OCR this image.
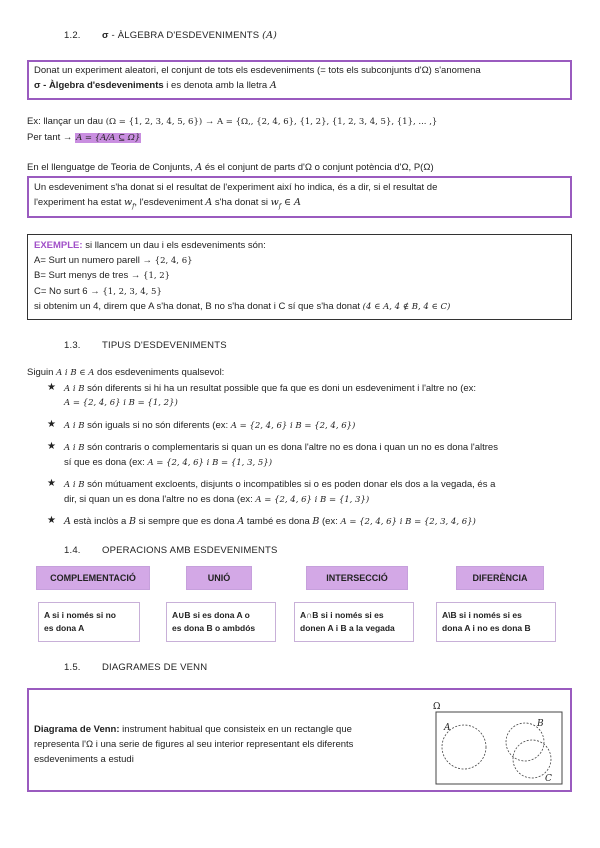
1.2. σ - ÀLGEBRA D'ESDEVENIMENTS (A)
Donat un experiment aleatori, el conjunt de tots els esdeveniments (= tots els subconjunts d'Ω) s'anomena
σ - Àlgebra d'esdeveniments i es denota amb la lletra A
Ex: llançar un dau (Ω = {1, 2, 3, 4, 5, 6}) → A = {Ω,, {2, 4, 6}, {1, 2}, {1, 2, 3, 4, 5}, {1}, ... ,}
Per tant → A = {A/A ⊆ Ω}
En el llenguatge de Teoria de Conjunts, A és el conjunt de parts d'Ω o conjunt potència d'Ω, P(Ω)
Un esdeveniment s'ha donat si el resultat de l'experiment així ho indica, és a dir, si el resultat de
l'experiment ha estat $w_f$, l'esdeveniment A s'ha donat si $w_f$ ∈ A
EXEMPLE: si llancem un dau i els esdeveniments són:
A= Surt un numero parell → {2, 4, 6}
B= Surt menys de tres → {1, 2}
C= No surt 6 → {1, 2, 3, 4, 5}
si obtenim un 4, direm que A s'ha donat, B no s'ha donat i C sí que s'ha donat (4 ∈ A, 4 ∉ B, 4 ∈ C)
1.3. TIPUS D'ESDEVENIMENTS
Siguin A i B ∈ A dos esdeveniments qualsevol:
★ A i B són diferents si hi ha un resultat possible que fa que es doni un esdeveniment i l'altre no (ex:
A = {2, 4, 6} i B = {1, 2})
★ A i B són iguals si no són diferents (ex: A = {2, 4, 6} i B = {2, 4, 6})
★ A i B són contraris o complementaris si quan un es dona l'altre no es dona i quan un no es dona l'altres
sí que es dona (ex: A = {2, 4, 6} i B = {1, 3, 5})
★ A i B són mútuament excloents, disjunts o incompatibles si o es poden donar els dos a la vegada, és a
dir, si quan un es dona l'altre no es dona (ex: A = {2, 4, 6} i B = {1, 3})
★ A està inclòs a B si sempre que es dona A també es dona B (ex: A = {2, 4, 6} i B = {2, 3, 4, 6})
1.4. OPERACIONS AMB ESDEVENIMENTS
COMPLEMENTACIÓ	UNIÓ	INTERSECCIÓ	DIFERÈNCIA
A si i només si no
es dona A
A∪B si es dona A o
es dona B o ambdós
A∩B si i només si es
donen A i B a la vegada
A\B si i només si es
dona A i no es dona B
1.5. DIAGRAMES DE VENN
Diagrama de Venn: instrument habitual que consisteix en un rectangle que
representa l'Ω i una serie de figures al seu interior representant els diferents
esdeveniments a estudi
Ω
A	B
C
